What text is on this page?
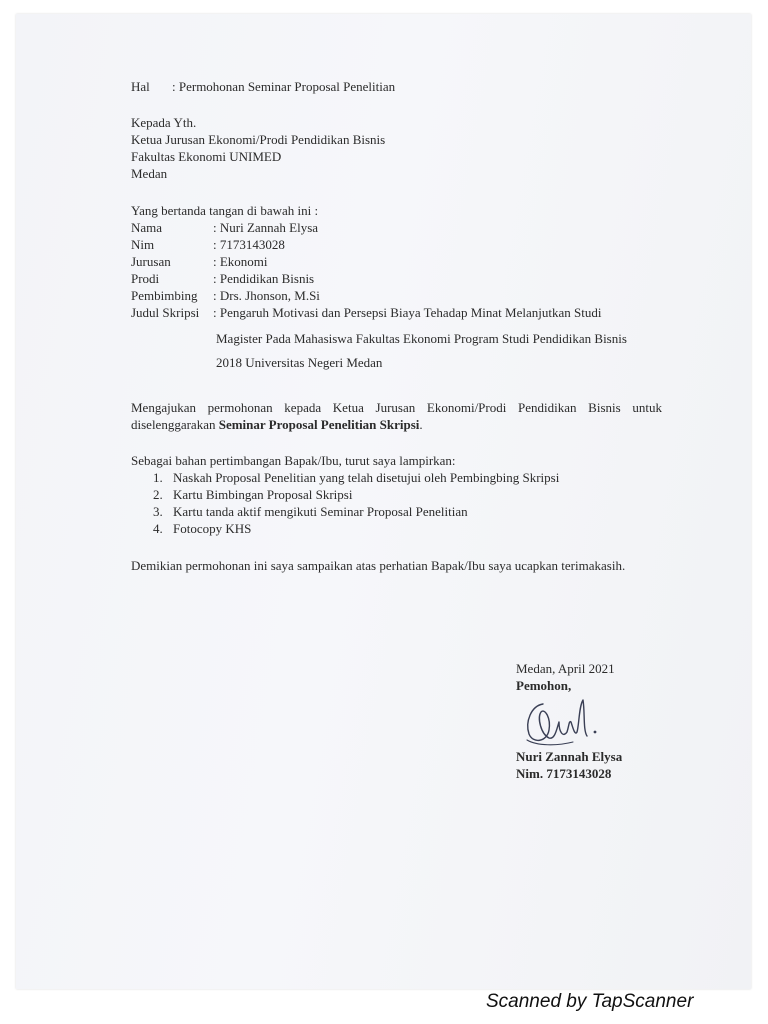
Hal : Permohonan Seminar Proposal Penelitian
Kepada Yth.
Ketua Jurusan Ekonomi/Prodi Pendidikan Bisnis
Fakultas Ekonomi UNIMED
Medan
Yang bertanda tangan di bawah ini :
Nama	: Nuri Zannah Elysa
Nim	: 7173143028
Jurusan	: Ekonomi
Prodi	: Pendidikan Bisnis
Pembimbing : Drs. Jhonson, M.Si
Judul Skripsi : Pengaruh Motivasi dan Persepsi Biaya Tehadap Minat Melanjutkan Studi
Magister Pada Mahasiswa Fakultas Ekonomi Program Studi Pendidikan Bisnis
2018 Universitas Negeri Medan
Mengajukan permohonan kepada Ketua Jurusan Ekonomi/Prodi Pendidikan Bisnis untuk diselenggarakan Seminar Proposal Penelitian Skripsi.
Sebagai bahan pertimbangan Bapak/Ibu, turut saya lampirkan:
1. Naskah Proposal Penelitian yang telah disetujui oleh Pembingbing Skripsi
2. Kartu Bimbingan Proposal Skripsi
3. Kartu tanda aktif mengikuti Seminar Proposal Penelitian
4. Fotocopy KHS
Demikian permohonan ini saya sampaikan atas perhatian Bapak/Ibu saya ucapkan terimakasih.
Medan, April 2021
Pemohon,
Nuri Zannah Elysa
Nim. 7173143028
Scanned by TapScanner
